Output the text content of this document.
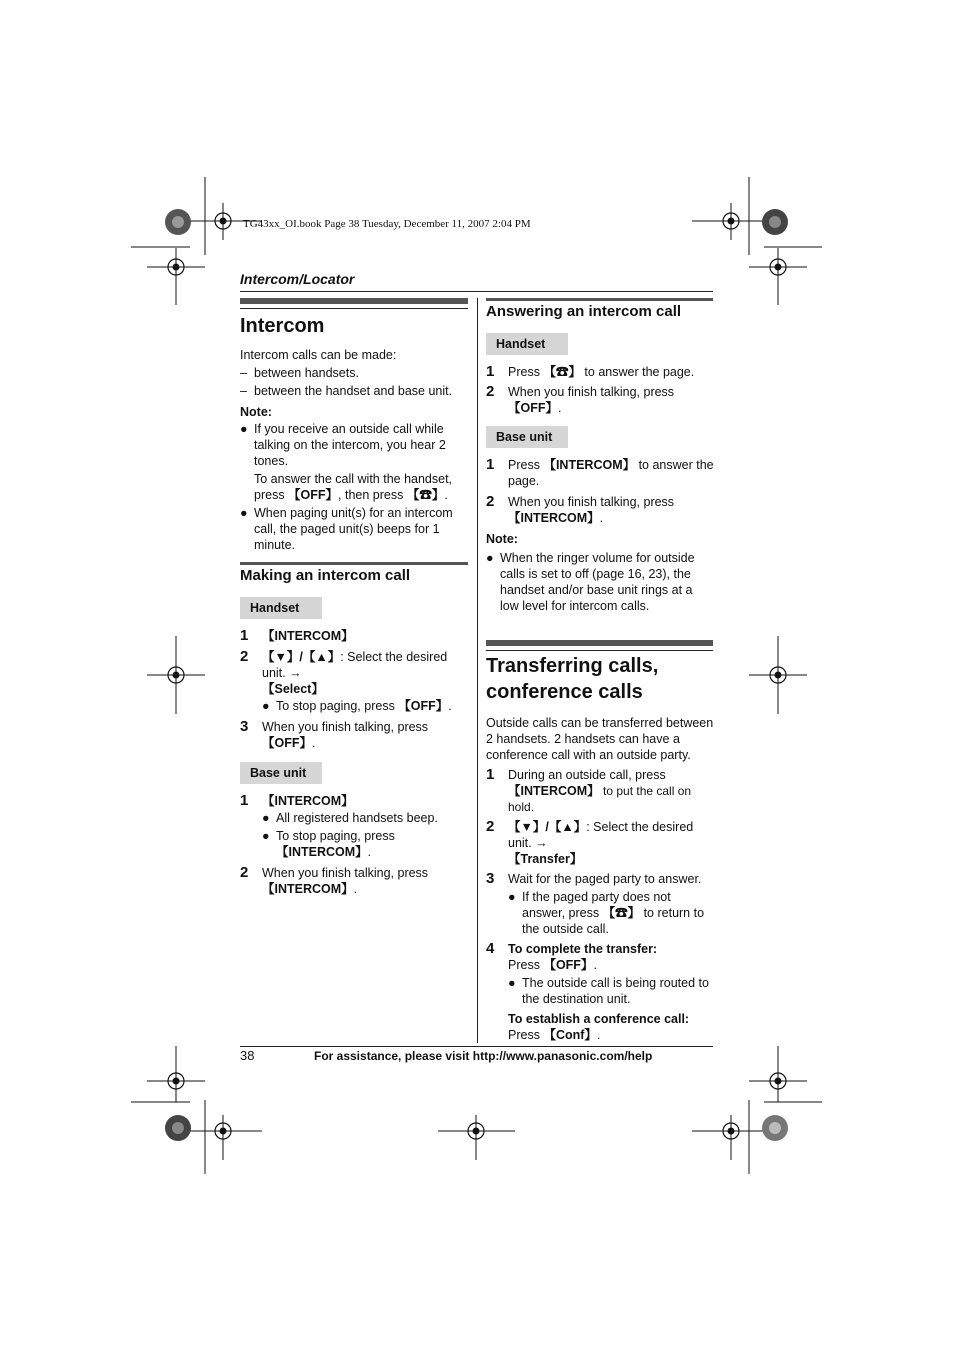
TG43xx_OI.book Page 38 Tuesday, December 11, 2007 2:04 PM
Intercom/Locator
Intercom

Intercom calls can be made:

– between handsets.

– between the handset and base unit.

Note:

● If you receive an outside call while talking on the intercom, you hear 2 tones.
To answer the call with the handset, press 【OFF】, then press 【☎】.
● When paging unit(s) for an intercom call, the paged unit(s) beeps for 1 minute.
Making an intercom call
Handset
1	【INTERCOM】
2	【▼】/【▲】: Select the desired unit. →
【Select】
● To stop paging, press 【OFF】.
3	When you finish talking, press
【OFF】.
Base unit
1	【INTERCOM】
● All registered handsets beep.
● To stop paging, press
【INTERCOM】.
2	When you finish talking, press
【INTERCOM】.
Answering an intercom call
Handset
1	Press 【☎】 to answer the page.
2	When you finish talking, press
【OFF】.
Base unit
1	Press 【INTERCOM】 to answer the page.
2	When you finish talking, press
【INTERCOM】.

Note:

● When the ringer volume for outside calls is set to off (page 16, 23), the handset and/or base unit rings at a low level for intercom calls.
Transferring calls, conference calls

Outside calls can be transferred between 2 handsets. 2 handsets can have a conference call with an outside party.

1	During an outside call, press
【INTERCOM】 to put the call on hold.
2	【▼】/【▲】: Select the desired unit. →
【Transfer】
3	Wait for the paged party to answer.
● If the paged party does not answer, press 【☎】 to return to the outside call.
4	To complete the transfer:
Press 【OFF】.
● The outside call is being routed to the destination unit.
To establish a conference call:
Press 【Conf】.
38	For assistance, please visit http://www.panasonic.com/help
